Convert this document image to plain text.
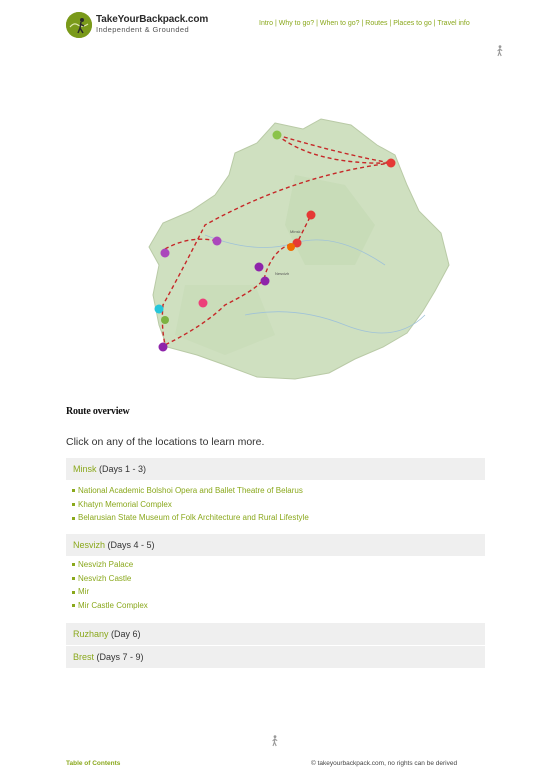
TakeYourBackpack.com
Independent & Grounded
Intro | Why to go? | When to go? | Routes | Places to go | Travel info
Minsk
Nesvizh
Route overview
Click on any of the locations to learn more.
Minsk (Days 1 - 3)
National Academic Bolshoi Opera and Ballet Theatre of Belarus
Khatyn Memorial Complex
Belarusian State Museum of Folk Architecture and Rural Lifestyle
Nesvizh (Days 4 - 5)
Nesvizh Palace
Nesvizh Castle
Mir
Mir Castle Complex
Ruzhany (Day 6)
Brest (Days 7 - 9)
Table of Contents	© takeyourbackpack.com, no rights can be derived
